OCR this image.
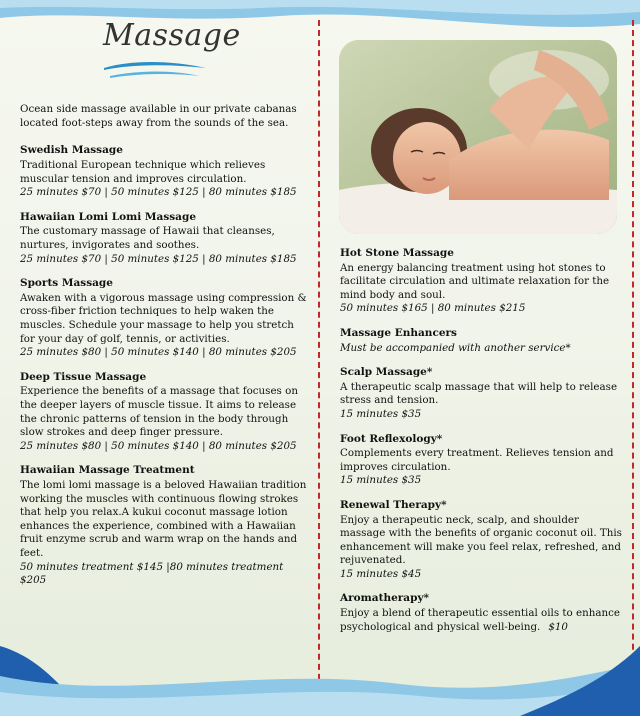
Massage

Ocean side massage available in our private cabanas located foot-steps away from the sounds of the sea.

Swedish Massage

Traditional European technique which relieves muscular tension and improves circulation.

25 minutes $70 | 50 minutes $125 | 80 minutes $185

Hawaiian Lomi Lomi Massage

The customary massage of Hawaii that cleanses, nurtures, invigorates and soothes.

25 minutes $70 | 50 minutes $125 | 80 minutes $185

Sports Massage

Awaken with a vigorous massage using compression & cross-fiber friction techniques to help waken the muscles. Schedule your massage to help you stretch for your day of golf, tennis, or activities.

25 minutes $80 | 50 minutes $140 | 80 minutes $205

Deep Tissue Massage

Experience the benefits of a massage that focuses on the deeper layers of muscle tissue. It aims to release the chronic patterns of tension in the body through slow strokes and deep finger pressure.

25 minutes $80 | 50 minutes $140 | 80 minutes $205

Hawaiian Massage Treatment

The lomi lomi massage is a beloved Hawaiian tradition working the muscles with continuous flowing strokes that help you relax.A kukui coconut massage lotion enhances the experience, combined with a Hawaiian fruit enzyme scrub and warm wrap on the hands and feet.

50 minutes treatment $145 |80 minutes treatment $205

Hot Stone Massage

An energy balancing treatment using hot stones to facilitate circulation and ultimate relaxation for the mind body and soul.

50 minutes $165 | 80 minutes $215

Massage Enhancers

Must be accompanied with another service*

Scalp Massage*

A therapeutic scalp massage that will help to release stress and tension.

15 minutes $35

Foot Reflexology*

Complements every treatment. Relieves tension and improves circulation.

15 minutes $35

Renewal Therapy*

Enjoy a therapeutic neck, scalp, and shoulder massage with the benefits of organic coconut oil. This enhancement will make you feel relax, refreshed, and rejuvenated.

15 minutes $45

Aromatherapy*

Enjoy a blend of therapeutic essential oils to enhance psychological and physical well-being. $10
